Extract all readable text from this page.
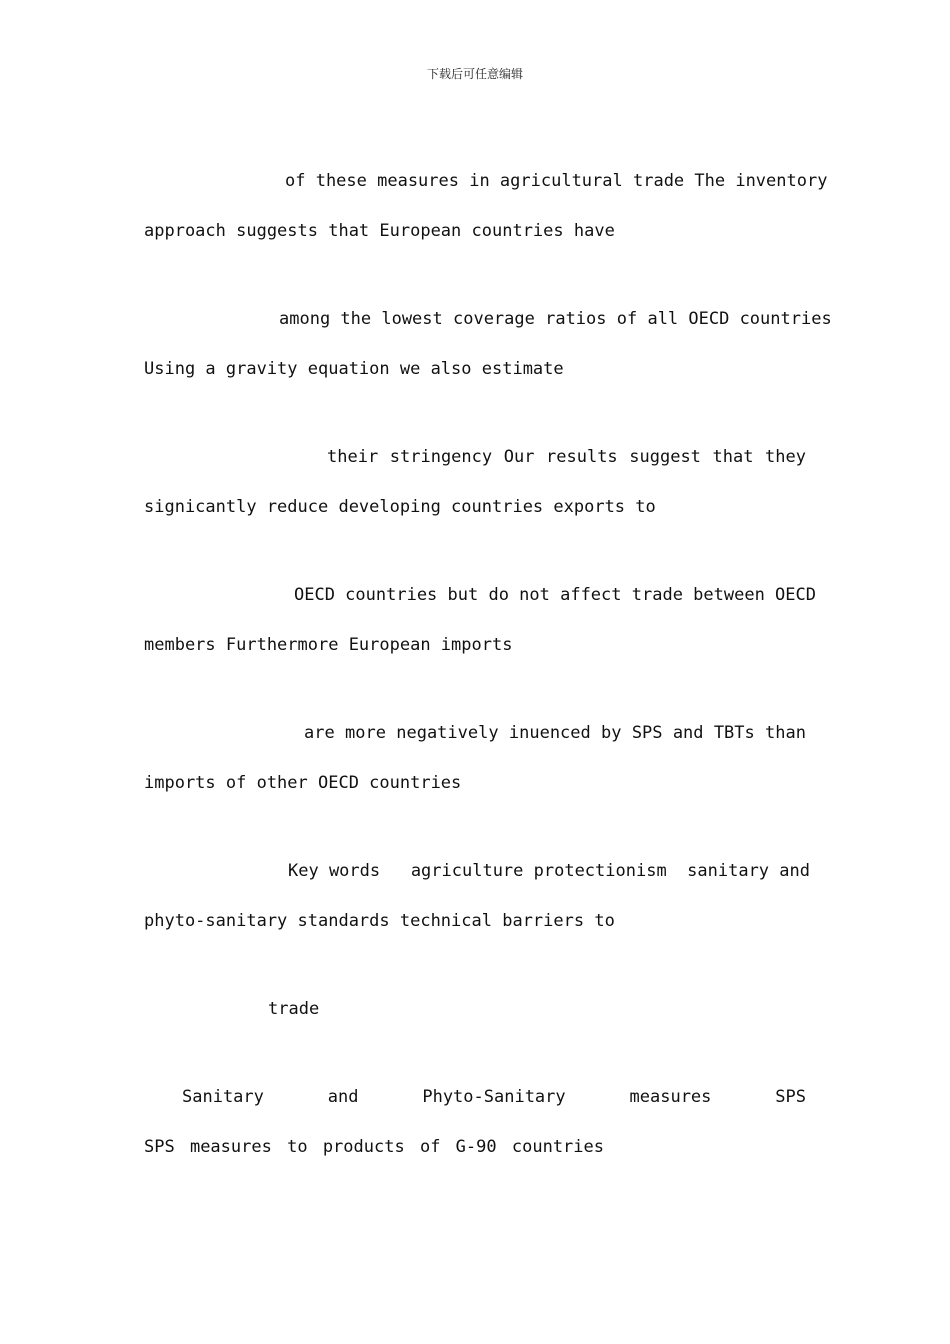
下载后可任意编辑
of these measures in agricultural trade The inventory
approach suggests that European countries have
among the lowest coverage ratios of all OECD countries
Using a gravity equation we also estimate
their stringency Our results suggest that they
signicantly reduce developing countries exports to
OECD countries but do not affect trade between OECD
members Furthermore European imports
are more negatively inuenced by SPS and TBTs than
imports of other OECD countries
Key words   agriculture protectionism  sanitary and
phyto-sanitary standards technical barriers to
trade
Sanitary and Phyto-Sanitary measures SPS
SPS measures to products of G-90 countries
